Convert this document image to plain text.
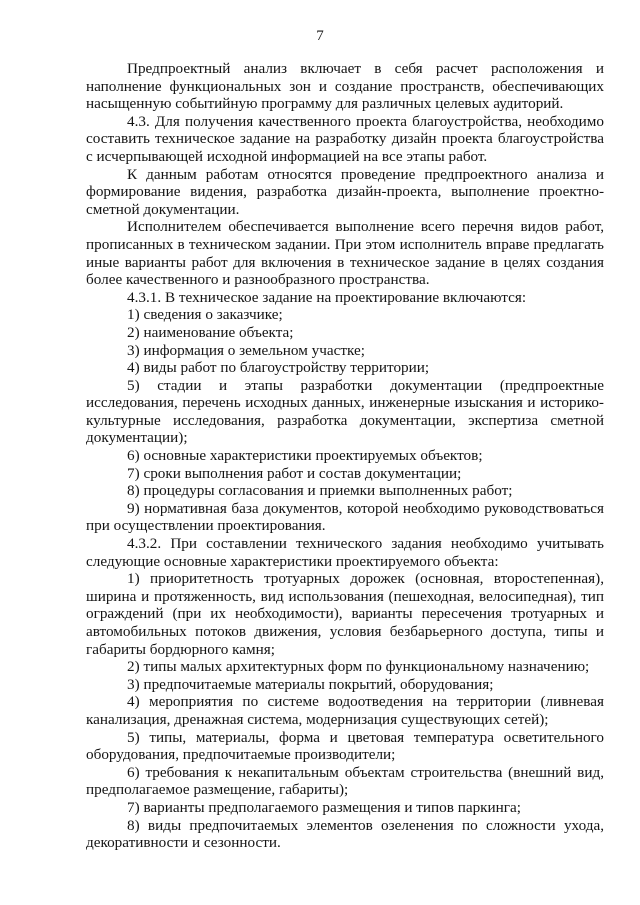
7

Предпроектный анализ включает в себя расчет расположения и наполнение функциональных зон и создание пространств, обеспечивающих насыщенную событийную программу для различных целевых аудиторий.

4.3. Для получения качественного проекта благоустройства, необходимо составить техническое задание на разработку дизайн проекта благоустройства с исчерпывающей исходной информацией на все этапы работ.

К данным работам относятся проведение предпроектного анализа и формирование видения, разработка дизайн-проекта, выполнение проектно-сметной документации.

Исполнителем обеспечивается выполнение всего перечня видов работ, прописанных в техническом задании. При этом исполнитель вправе предлагать иные варианты работ для включения в техническое задание в целях создания более качественного и разнообразного пространства.

4.3.1. В техническое задание на проектирование включаются:

1) сведения о заказчике;

2) наименование объекта;

3) информация о земельном участке;

4) виды работ по благоустройству территории;

5) стадии и этапы разработки документации (предпроектные исследования, перечень исходных данных, инженерные изыскания и историко-культурные исследования, разработка документации, экспертиза сметной документации);

6) основные характеристики проектируемых объектов;

7) сроки выполнения работ и состав документации;

8) процедуры согласования и приемки выполненных работ;

9) нормативная база документов, которой необходимо руководствоваться при осуществлении проектирования.

4.3.2. При составлении технического задания необходимо учитывать следующие основные характеристики проектируемого объекта:

1) приоритетность тротуарных дорожек (основная, второстепенная), ширина и протяженность, вид использования (пешеходная, велосипедная), тип ограждений (при их необходимости), варианты пересечения тротуарных и автомобильных потоков движения, условия безбарьерного доступа, типы и габариты бордюрного камня;

2) типы малых архитектурных форм по функциональному назначению;

3) предпочитаемые материалы покрытий, оборудования;

4) мероприятия по системе водоотведения на территории (ливневая канализация, дренажная система, модернизация существующих сетей);

5) типы, материалы, форма и цветовая температура осветительного оборудования, предпочитаемые производители;

6) требования к некапитальным объектам строительства (внешний вид, предполагаемое размещение, габариты);

7) варианты предполагаемого размещения и типов паркинга;

8) виды предпочитаемых элементов озеленения по сложности ухода, декоративности и сезонности.
